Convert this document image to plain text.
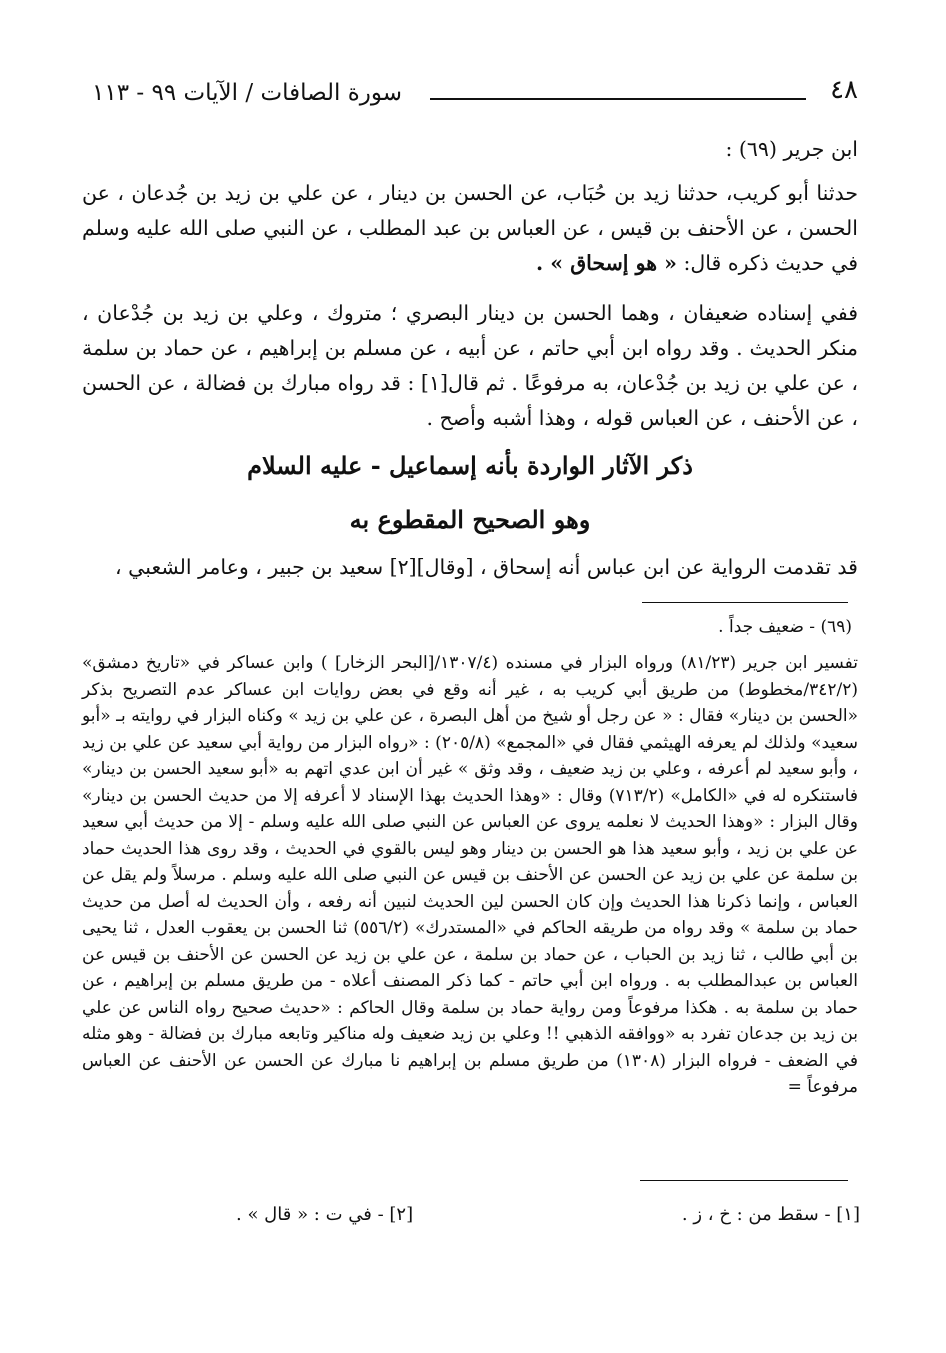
٤٨
سورة الصافات / الآيات ٩٩ - ١١٣
ابن جرير (٦٩) :
حدثنا أبو كريب، حدثنا زيد بن حُبَاب، عن الحسن بن دينار ، عن علي بن زيد بن جُدعان ، عن الحسن ، عن الأحنف بن قيس ، عن العباس بن عبد المطلب ، عن النبي صلى الله عليه وسلم في حديث ذكره قال: « هو إسحاق » .
ففي إسناده ضعيفان ، وهما الحسن بن دينار البصري ؛ متروك ، وعلي بن زيد بن جُدْعان ، منكر الحديث . وقد رواه ابن أبي حاتم ، عن أبيه ، عن مسلم بن إبراهيم ، عن حماد بن سلمة ، عن علي بن زيد بن جُدْعان، به مرفوعًا . ثم قال[١] : قد رواه مبارك بن فضالة ، عن الحسن ، عن الأحنف ، عن العباس قوله ، وهذا أشبه وأصح .
ذكر الآثار الواردة بأنه إسماعيل - عليه السلام
وهو الصحيح المقطوع به
قد تقدمت الرواية عن ابن عباس أنه إسحاق ، [وقال][٢] سعيد بن جبير ، وعامر الشعبي ،
(٦٩) - ضعيف جداً .
تفسير ابن جرير (٨١/٢٣) ورواه البزار في مسنده (١٣٠٧/٤/[البحر الزخار] ) وابن عساكر في «تاريخ دمشق» (٣٤٢/٢/مخطوط) من طريق أبي كريب به ، غير أنه وقع في بعض روايات ابن عساكر عدم التصريح بذكر «الحسن بن دينار» فقال : « عن رجل أو شيخ من أهل البصرة ، عن علي بن زيد » وكناه البزار في روايته بـ «أبو سعيد» ولذلك لم يعرفه الهيثمي فقال في «المجمع» (٢٠٥/٨) : «رواه البزار من رواية أبي سعيد عن علي بن زيد ، وأبو سعيد لم أعرفه ، وعلي بن زيد ضعيف ، وقد وثق » غير أن ابن عدي اتهم به «أبو سعيد الحسن بن دينار» فاستنكره له في «الكامل» (٧١٣/٢) وقال : «وهذا الحديث بهذا الإسناد لا أعرفه إلا من حديث الحسن بن دينار» وقال البزار : «وهذا الحديث لا نعلمه يروى عن العباس عن النبي صلى الله عليه وسلم - إلا من حديث أبي سعيد عن علي بن زيد ، وأبو سعيد هذا هو الحسن بن دينار وهو ليس بالقوي في الحديث ، وقد روى هذا الحديث حماد بن سلمة عن علي بن زيد عن الحسن عن الأحنف بن قيس عن النبي صلى الله عليه وسلم . مرسلاً ولم يقل عن العباس ، وإنما ذكرنا هذا الحديث وإن كان الحسن لين الحديث لنبين أنه رفعه ، وأن الحديث له أصل من حديث حماد بن سلمة » وقد رواه من طريقه الحاكم في «المستدرك» (٥٥٦/٢) ثنا الحسن بن يعقوب العدل ، ثنا يحيى بن أبي طالب ، ثنا زيد بن الحباب ، عن حماد بن سلمة ، عن علي بن زيد عن الحسن عن الأحنف بن قيس عن العباس بن عبدالمطلب به . ورواه ابن أبي حاتم - كما ذكر المصنف أعلاه - من طريق مسلم بن إبراهيم ، عن حماد بن سلمة به . هكذا مرفوعاً ومن رواية حماد بن سلمة وقال الحاكم : «حديث صحيح رواه الناس عن علي بن زيد بن جدعان تفرد به «ووافقه الذهبي !! وعلي بن زيد ضعيف وله مناكير وتابعه مبارك بن فضالة - وهو مثله في الضعف - فرواه البزار (١٣٠٨) من طريق مسلم بن إبراهيم نا مبارك عن الحسن عن الأحنف عن العباس مرفوعاً =
[١] - سقط من : خ ، ز .
[٢] - في ت : « قال » .
